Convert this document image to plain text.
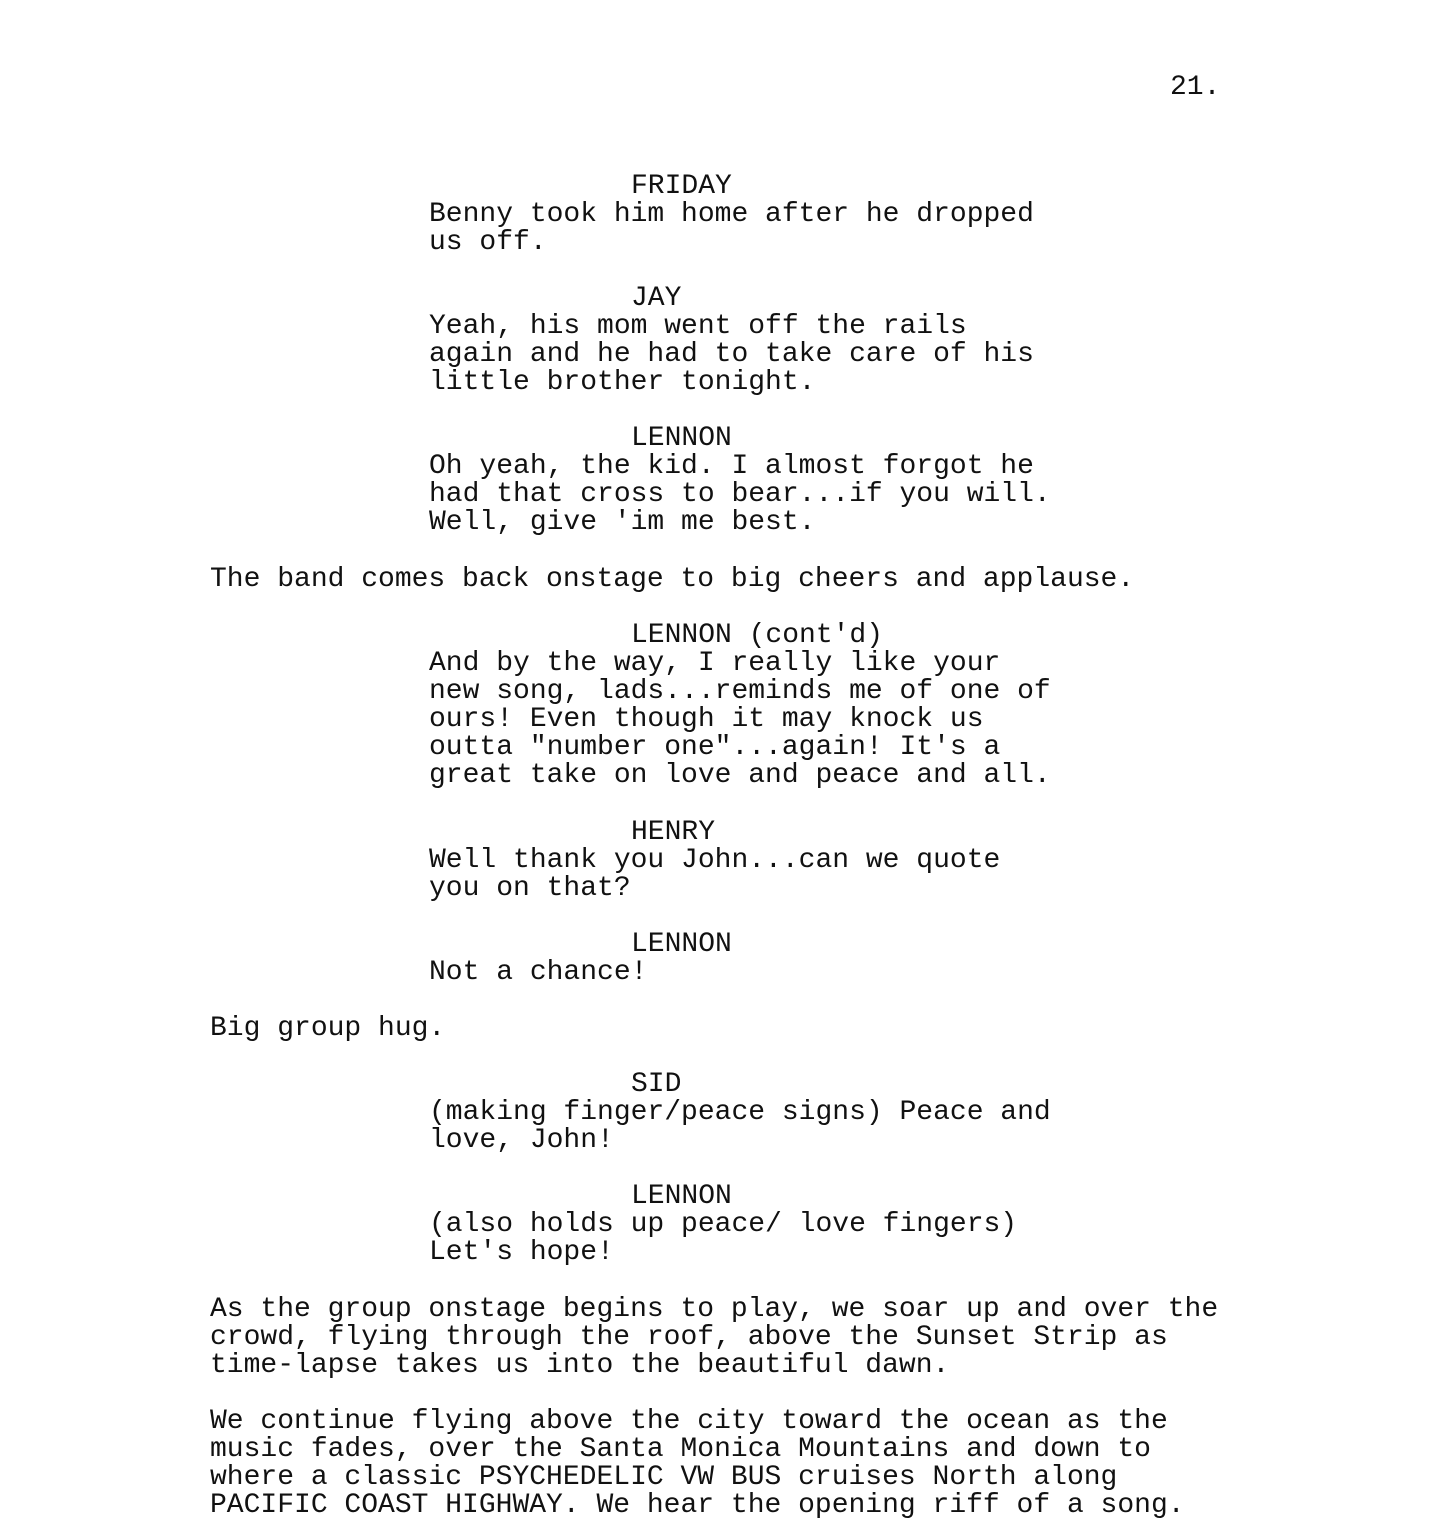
21.
FRIDAY
Benny took him home after he dropped
us off.
JAY
Yeah, his mom went off the rails
again and he had to take care of his
little brother tonight.
LENNON
Oh yeah, the kid. I almost forgot he
had that cross to bear...if you will.
Well, give 'im me best.
The band comes back onstage to big cheers and applause.
LENNON (cont'd)
And by the way, I really like your
new song, lads...reminds me of one of
ours! Even though it may knock us
outta "number one"...again! It's a
great take on love and peace and all.
HENRY
Well thank you John...can we quote
you on that?
LENNON
Not a chance!
Big group hug.
SID
(making finger/peace signs) Peace and
love, John!
LENNON
(also holds up peace/ love fingers)
Let's hope!
As the group onstage begins to play, we soar up and over the
crowd, flying through the roof, above the Sunset Strip as
time-lapse takes us into the beautiful dawn.
We continue flying above the city toward the ocean as the
music fades, over the Santa Monica Mountains and down to
where a classic PSYCHEDELIC VW BUS cruises North along
PACIFIC COAST HIGHWAY. We hear the opening riff of a song.
